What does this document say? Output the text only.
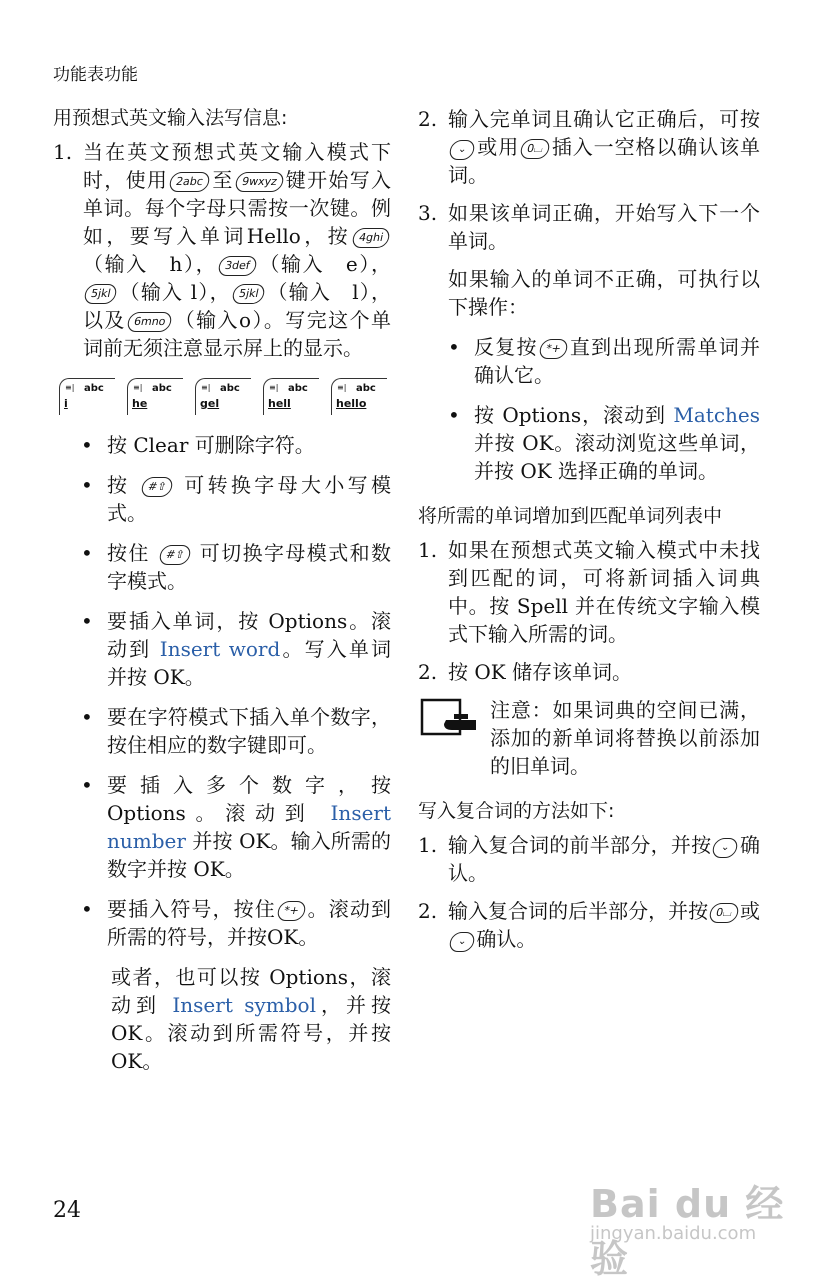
功能表功能
用预想式英文输入法写信息:
1. 当在英文预想式英文输入模式下时，使用 2abc 至 9wxyz 键开始写入单词。每个字母只需按一次键。例如，要写入单词Hello，按 4ghi（输入　h）， 3def （输入　e），5jkl （输入 l）， 5jkl （输入　l），以及 6mno （输入o）。写完这个单词前无须注意显示屏上的显示。

≡| abc
i
≡| abc
he
≡| abc
gel
≡| abc
hell
≡| abc
hello
• 按 Clear 可删除字符。

• 按 #⇧ 可转换字母大小写模式。

• 按住 #⇧ 可切换字母模式和数字模式。

• 要插入单词，按 Options。滚动到 Insert word。写入单词并按 OK。

• 要在字符模式下插入单个数字，按住相应的数字键即可。

• 要插入多个数字，按 Options。滚动到 Insert number 并按 OK。输入所需的数字并按 OK。

• 要插入符号，按住 *+ 。滚动到所需的符号，并按OK。

或者，也可以按 Options，滚动到 Insert symbol，并按 OK。滚动到所需符号，并按 OK。

2. 输入完单词且确认它正确后，可按⌄ 或用 0⌴ 插入一空格以确认该单词。

3. 如果该单词正确，开始写入下一个单词。

如果输入的单词不正确，可执行以下操作：

• 反复按 *+ 直到出现所需单词并确认它。

• 按 Options，滚动到 Matches 并按 OK。滚动浏览这些单词，并按 OK 选择正确的单词。

将所需的单词增加到匹配单词列表中
1. 如果在预想式英文输入模式中未找到匹配的词，可将新词插入词典中。按 Spell 并在传统文字输入模式下输入所需的词。

2. 按 OK 储存该单词。

注意：如果词典的空间已满，添加的新单词将替换以前添加的旧单词。

写入复合词的方法如下:
1. 输入复合词的前半部分，并按 ⌄ 确认。

2. 输入复合词的后半部分，并按 0⌴ 或⌄ 确认。

24	Bai du 经验
jingyan.baidu.com
